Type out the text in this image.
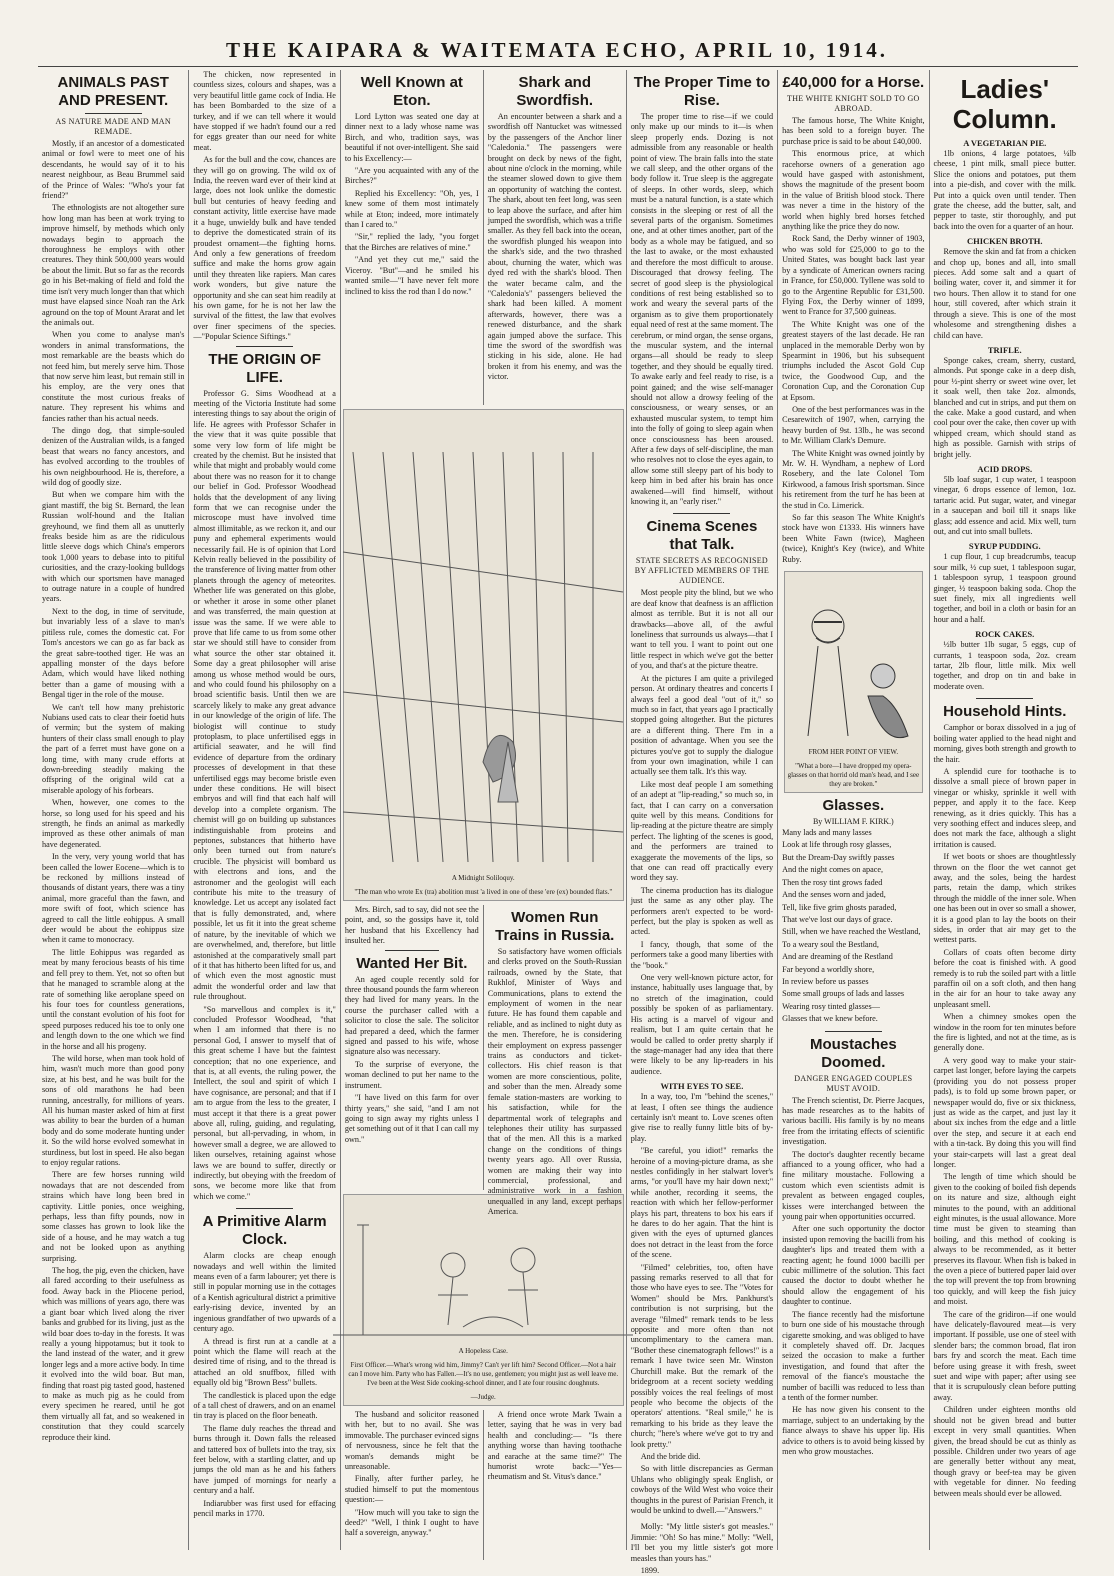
THE KAIPARA & WAITEMATA ECHO, APRIL 10, 1914.
ANIMALS PAST AND PRESENT.
AS NATURE MADE AND MAN REMADE.

Mostly, if an ancestor of a domesticated animal or fowl were to meet one of his descendants, he would say of it to his nearest neighbour, as Beau Brummel said of the Prince of Wales: "Who's your fat friend?"

The ethnologists are not altogether sure how long man has been at work trying to improve himself, by methods which only nowadays begin to approach the thoroughness he employs with other creatures. They think 500,000 years would be about the limit. But so far as the records go in his Bet-making of field and fold the time isn't very much longer than that which must have elapsed since Noah ran the Ark aground on the top of Mount Ararat and let the animals out.

When you come to analyse man's wonders in animal transformations, the most remarkable are the beasts which do not feed him, but merely serve him. Those that now serve him least, but remain still in his employ, are the very ones that constitute the most curious freaks of nature. They represent his whims and fancies rather than his actual needs.

The dingo dog, that simple-souled denizen of the Australian wilds, is a fanged beast that wears no fancy ancestors, and has evolved according to the troubles of his own neighbourhood. He is, therefore, a wild dog of goodly size.

But when we compare him with the giant mastiff, the big St. Bernard, the lean Russian wolf-hound and the Italian greyhound, we find them all as unutterly freaks beside him as are the ridiculous little sleeve dogs which China's emperors took 1,000 years to debase into to pitiful curiosities, and the crazy-looking bulldogs with which our sportsmen have managed to outrage nature in a couple of hundred years.

Next to the dog, in time of servitude, but invariably less of a slave to man's pitiless rule, comes the domestic cat. For Tom's ancestors we can go as far back as the great sabre-toothed tiger. He was an appalling monster of the days before Adam, which would have liked nothing better than a game of mousing with a Bengal tiger in the role of the mouse.

We can't tell how many prehistoric Nubians used cats to clear their foetid huts of vermin; but the system of making hunters of their class small enough to play the part of a ferret must have gone on a long time, with many crude efforts at down-breeding steadily making the offspring of the original wild cat a miserable apology of his forbears.

When, however, one comes to the horse, so long used for his speed and his strength, he finds an animal as markedly improved as these other animals of man have degenerated.

In the very, very young world that has been called the lower Eocene—which is to be reckoned by millions instead of thousands of distant years, there was a tiny animal, more graceful than the fawn, and more swift of foot, which science has agreed to call the little eohippus. A small deer would be about the eohippus size when it came to monocracy.

The little Eohippus was regarded as meat by many ferocious beasts of his time and fell prey to them. Yet, not so often but that he managed to scramble along at the rate of something like aeroplane speed on his four toes for countless generations, until the constant evolution of his foot for speed purposes reduced his toe to only one and length down to the one which we find in the horse and all his progeny.

The wild horse, when man took hold of him, wasn't much more than good pony size, at his best, and he was built for the sons of old marathons he had been running, ancestrally, for millions of years. All his human master asked of him at first was ability to bear the burden of a human body and do some moderate hunting under it. So the wild horse evolved somewhat in sturdiness, but lost in speed. He also began to enjoy regular rations.

There are few horses running wild nowadays that are not descended from strains which have long been bred in captivity. Little ponies, once weighing, perhaps, less than fifty pounds, now in some classes has grown to look like the side of a house, and he may watch a tug and not be looked upon as anything surprising.

The hog, the pig, even the chicken, have all fared according to their usefulness as food. Away back in the Pliocene period, which was millions of years ago, there was a giant boar which lived along the river banks and grubbed for its living, just as the wild boar does to-day in the forests. It was really a young hippotamus; but it took to the land instead of the water, and it grew longer legs and a more active body. In time it evolved into the wild boar. But man, finding that roast pig tasted good, hastened to make as much pig as he could from every specimen he reared, until he got them virtually all fat, and so weakened in constitution that they could scarcely reproduce their kind.

The chicken, now represented in countless sizes, colours and shapes, was a very beautiful little game cock of India. He has been Bombarded to the size of a turkey, and if we can tell where it would have stopped if we hadn't found our a red for eggs greater than our need for white meat.

As for the bull and the cow, chances are they will go on growing. The wild ox of India, the reeven ward ever of their kind at large, does not look unlike the domestic bull but centuries of heavy feeding and constant activity, little exercise have made it a huge, unwieldy bulk and have tended to deprive the domesticated strain of its proudest ornament—the fighting horns. And only a few generations of freedom suffice and make the horns grow again until they threaten like rapiers. Man cares work wonders, but give nature the opportunity and she can seat him readily at his own game, for he is not her law the survival of the fittest, the law that evolves over finer specimens of the species.—"Popular Science Siftings."

THE ORIGIN OF LIFE.

Professor G. Sims Woodhead at a meeting of the Victoria Institute had some interesting things to say about the origin of life. He agrees with Professor Schafer in the view that it was quite possible that some very low form of life might be created by the chemist. But he insisted that while that might and probably would come about there was no reason for it to change our belief in God. Professor Woodhead holds that the development of any living form that we can recognise under the microscope must have involved time almost illimitable, as we reckon it, and our puny and ephemeral experiments would necessarily fail. He is of opinion that Lord Kelvin really believed in the possibility of the transference of living matter from other planets through the agency of meteorites. Whether life was generated on this globe, or whether it arose in some other planet and was transferred, the main question at issue was the same. If we were able to prove that life came to us from some other star we should still have to consider from what source the other star obtained it. Some day a great philosopher will arise among us whose method would be ours, and who could found his philosophy on a broad scientific basis. Until then we are scarcely likely to make any great advance in our knowledge of the origin of life. The biologist will continue to study protoplasm, to place unfertilised eggs in artificial seawater, and he will find evidence of departure from the ordinary processes of development in that these unfertilised eggs may become bristle even under these conditions. He will bisect embryos and will find that each half will develop into a complete organism. The chemist will go on building up substances indistinguishable from proteins and peptones, substances that hitherto have only been turned out from nature's crucible. The physicist will bombard us with electrons and ions, and the astronomer and the geologist will each contribute his mite to the treasury of knowledge. Let us accept any isolated fact that is fully demonstrated, and, where possible, let us fit it into the great scheme of nature, by the inevitable of which we are overwhelmed, and, therefore, but little astonished at the comparatively small part of it that has hitherto been lifted for us, and of which even the most agnostic must admit the wonderful order and law that rule throughout.

"So marvellous and complex is it," concluded Professor Woodhead, "that when I am informed that there is no personal God, I answer to myself that of this great scheme I have but the faintest conception; that no one experience, and that is, at all events, the ruling power, the Intellect, the soul and spirit of which I have cognisance, are personal; and that if I am to argue from the less to the greater, I must accept it that there is a great power above all, ruling, guiding, and regulating, personal, but all-pervading, in whom, in however small a degree, we are allowed to liken ourselves, retaining against whose laws we are bound to suffer, directly or indirectly, but obeying with the freedom of sons, we become more like that from which we come."

A Primitive Alarm Clock.

Alarm clocks are cheap enough nowadays and well within the limited means even of a farm labourer; yet there is still in popular morning use in the cottages of a Kentish agricultural district a primitive early-rising device, invented by an ingenious grandfather of two upwards of a century ago.

A thread is first run at a candle at a point which the flame will reach at the desired time of rising, and to the thread is attached an old snuffbox, filled with equally old big "Brown Bess" bullets.

The candlestick is placed upon the edge of a tall chest of drawers, and on an enamel tin tray is placed on the floor beneath.

The flame duly reaches the thread and burns through it. Down falls the released and tattered box of bullets into the tray, six feet below, with a startling clatter, and up jumps the old man as he and his fathers have jumped of mornings for nearly a century and a half.

Indiarubber was first used for effacing pencil marks in 1770.

Well Known at Eton.

Lord Lytton was seated one day at dinner next to a lady whose name was Birch, and who, tradition says, was beautiful if not over-intelligent. She said to his Excellency:—

"Are you acquainted with any of the Birches?"

Replied his Excellency: "Oh, yes, I knew some of them most intimately while at Eton; indeed, more intimately than I cared to."

"Sir," replied the lady, "you forget that the Birches are relatives of mine."

"And yet they cut me," said the Viceroy. "But"—and he smiled his wanted smile—"I have never felt more inclined to kiss the rod than I do now."

Shark and Swordfish.

An encounter between a shark and a swordfish off Nantucket was witnessed by the passengers of the Anchor liner "Caledonia." The passengers were brought on deck by news of the fight, about nine o'clock in the morning, while the steamer slowed down to give them an opportunity of watching the contest. The shark, about ten feet long, was seen to leap above the surface, and after him jumped the swordfish, which was a trifle smaller. As they fell back into the ocean, the swordfish plunged his weapon into the shark's side, and the two thrashed about, churning the water, which was dyed red with the shark's blood. Then the water became calm, and the "Caledonia's" passengers believed the shark had been killed. A moment afterwards, however, there was a renewed disturbance, and the shark again jumped above the surface. This time the sword of the swordfish was sticking in his side, alone. He had broken it from his enemy, and was the victor.

A Midnight Soliloquy.
"The man who wrote Ex (tra) abolition must 'a lived in one of these 'ere (ex) bounded flats."

Mrs. Birch, sad to say, did not see the point, and, so the gossips have it, told her husband that his Excellency had insulted her.

Wanted Her Bit.

An aged couple recently sold for three thousand pounds the farm whereon they had lived for many years. In the course the purchaser called with a solicitor to close the sale. The solicitor had prepared a deed, which the farmer signed and passed to his wife, whose signature also was necessary.

To the surprise of everyone, the woman declined to put her name to the instrument.

"I have lived on this farm for over thirty years," she said, "and I am not going to sign away my rights unless I get something out of it that I can call my own."

Women Run Trains in Russia.

So satisfactory have women officials and clerks proved on the South-Russian railroads, owned by the State, that Rukhlof, Minister of Ways and Communications, plans to extend the employment of women in the near future. He has found them capable and reliable, and as inclined to night duty as the men. Therefore, he is considering their employment on express passenger trains as conductors and ticket-collectors. His chief reason is that women are more conscientious, polite, and sober than the men. Already some female station-masters are working to his satisfaction, while for the departmental work of telegraphs and telephones their utility has surpassed that of the men. All this is a marked change on the conditions of things twenty years ago. All over Russia, women are making their way into commercial, professional, and administrative work in a fashion unequalled in any land, except perhaps America.

A Hopeless Case.
First Officer.—What's wrong wid him, Jimmy? Can't yer lift him? Second Officer.—Not a hair can I move him. Party who has Fallen.—It's no use, gentlemen; you might just as well leave me. I've been at the West Side cooking-school dinner, and I ate four rousinc doughnuts.
—Judge.

The husband and solicitor reasoned with her, but to no avail. She was immovable. The purchaser evinced signs of nervousness, since he felt that the woman's demands might be unreasonable.

Finally, after further parley, he studied himself to put the momentous question:—

"How much will you take to sign the deed?" "Well, I think I ought to have half a sovereign, anyway."

A friend once wrote Mark Twain a letter, saying that he was in very bad health and concluding:— "Is there anything worse than having toothache and earache at the same time?" The humorist wrote back:—"Yes—rheumatism and St. Vitus's dance."

The Proper Time to Rise.

The proper time to rise—if we could only make up our minds to it—is when sleep properly ends. Dozing is not admissible from any reasonable or health point of view. The brain falls into the state we call sleep, and the other organs of the body follow it. True sleep is the aggregate of sleeps. In other words, sleep, which must be a natural function, is a state which consists in the sleeping or rest of all the several parts of the organism. Sometimes one, and at other times another, part of the body as a whole may be fatigued, and so the last to awake, or the most exhausted and therefore the most difficult to arouse. Discouraged that drowsy feeling. The secret of good sleep is the physiological conditions of rest being established so to work and weary the several parts of the organism as to give them proportionately equal need of rest at the same moment. The cerebrum, or mind organ, the sense organs, the muscular system, and the internal organs—all should be ready to sleep together, and they should be equally tired. To awake early and feel ready to rise, is a point gained; and the wise self-manager should not allow a drowsy feeling of the consciousness, or weary senses, or an exhausted muscular system, to tempt him into the folly of going to sleep again when once consciousness has been aroused. After a few days of self-discipline, the man who resolves not to close the eyes again, to allow some still sleepy part of his body to keep him in bed after his brain has once awakened—will find himself, without knowing it, an "early riser."

Cinema Scenes that Talk.
STATE SECRETS AS RECOGNISED BY AFFLICTED MEMBERS OF THE AUDIENCE.

Most people pity the blind, but we who are deaf know that deafness is an affliction almost as terrible. But it is not all our drawbacks—above all, of the awful loneliness that surrounds us always—that I want to tell you. I want to point out one little respect in which we've got the better of you, and that's at the picture theatre.

At the pictures I am quite a privileged person. At ordinary theatres and concerts I always feel a good deal "out of it," so much so in fact, that years ago I practically stopped going altogether. But the pictures are a different thing. There I'm in a position of advantage. When you see the pictures you've got to supply the dialogue from your own imagination, while I can actually see them talk. It's this way.

Like most deaf people I am something of an adept at "lip-reading," so much so, in fact, that I can carry on a conversation quite well by this means. Conditions for lip-reading at the picture theatre are simply perfect. The lighting of the scenes is good, and the performers are trained to exaggerate the movements of the lips, so that one can read off practically every word they say.

The cinema production has its dialogue just the same as any other play. The performers aren't expected to be word-perfect, but the play is spoken as well as acted.

I fancy, though, that some of the performers take a good many liberties with the "book."

One very well-known picture actor, for instance, habitually uses language that, by no stretch of the imagination, could possibly be spoken of as parliamentary. His acting is a marvel of vigour and realism, but I am quite certain that he would be called to order pretty sharply if the stage-manager had any idea that there were likely to be any lip-readers in his audience.

WITH EYES TO SEE.

In a way, too, I'm "behind the scenes," at least, I often see things the audience certainly isn't meant to. Love scenes often give rise to really funny little bits of by-play.

"Be careful, you idiot!" remarks the heroine of a moving-picture drama, as she nestles confidingly in her stalwart lover's arms, "or you'll have my hair down next;" while another, recording it seems, the reaction with which her fellow-performer plays his part, threatens to box his ears if he dares to do her again. That the hint is given with the eyes of upturned glances does not detract in the least from the force of the scene.

"Filmed" celebrities, too, often have passing remarks reserved to all that for those who have eyes to see. The "Votes for Women" should be Mrs. Pankhurst's contribution is not surprising, but the average "filmed" remark tends to be less opposite and more often than not uncomplimentary to the camera man. "Bother these cinematograph fellows!" is a remark I have twice seen Mr. Winston Churchill make. But the remark of the bridegroom at a recent society wedding possibly voices the real feelings of most people who become the objects of the operators' attentions. "Real smile," he is remarking to his bride as they leave the church; "here's where we've got to try and look pretty."

And the bride did.

So with little discrepancies as German Uhlans who obligingly speak English, or cowboys of the Wild West who voice their thoughts in the purest of Parisian French, it would be unkind to dwell.—"Answers."

Molly: "My little sister's got measles." Jimmie: "Oh! So has mine." Molly: "Well, I'll bet you my little sister's got more measles than yours has."

1899.

£40,000 for a Horse.
THE WHITE KNIGHT SOLD TO GO ABROAD.

The famous horse, The White Knight, has been sold to a foreign buyer. The purchase price is said to be about £40,000.

This enormous price, at which racehorse owners of a generation ago would have gasped with astonishment, shows the magnitude of the present boom in the value of British blood stock. There was never a time in the history of the world when highly bred horses fetched anything like the price they do now.

Rock Sand, the Derby winner of 1903, who was sold for £25,000 to go to the United States, was bought back last year by a syndicate of American owners racing in France, for £50,000. Tyllene was sold to go to the Argentine Republic for £31,500. Flying Fox, the Derby winner of 1899, went to France for 37,500 guineas.

The White Knight was one of the greatest stayers of the last decade. He ran unplaced in the memorable Derby won by Spearmint in 1906, but his subsequent triumphs included the Ascot Gold Cup twice, the Goodwood Cup, and the Coronation Cup, and the Coronation Cup at Epsom.

One of the best performances was in the Cesarewitch of 1907, when, carrying the heavy burden of 9st. 13lb., he was second to Mr. William Clark's Demure.

The White Knight was owned jointly by Mr. W. H. Wyndham, a nephew of Lord Rosebery, and the late Colonel Tom Kirkwood, a famous Irish sportsman. Since his retirement from the turf he has been at the stud in Co. Limerick.

So far this season The White Knight's stock have won £1333. His winners have been White Fawn (twice), Magheen (twice), Knight's Key (twice), and White Ruby.

FROM HER POINT OF VIEW.
"What a bore—I have dropped my opera-glasses on that horrid old man's head, and I see they are broken."
Glasses.
By WILLIAM F. KIRK.)

Many lads and many lasses

Look at life through rosy glasses,

But the Dream-Day swiftly passes

And the night comes on apace,

Then the rosy tint grows faded

And the senses worn and jaded,

Tell, like five grim ghosts paraded,

That we've lost our days of grace.

Still, when we have reached the Westland,

To a weary soul the Bestland,

And are dreaming of the Restland

Far beyond a worldly shore,

In review before us passes

Some small groups of lads and lasses

Wearing rosy tinted glasses—

Glasses that we knew before.

Moustaches Doomed.
DANGER ENGAGED COUPLES MUST AVOID.

The French scientist, Dr. Pierre Jacques, has made researches as to the habits of various bacilli. His family is by no means free from the irritating effects of scientific investigation.

The doctor's daughter recently became affianced to a young officer, who had a fine military moustache. Following a custom which even scientists admit is prevalent as between engaged couples, kisses were interchanged between the young pair when opportunities occurred.

After one such opportunity the doctor insisted upon removing the bacilli from his daughter's lips and treated them with a reacting agent; he found 1000 bacilli per cubic millimetre of the solution. This fact caused the doctor to doubt whether he should allow the engagement of his daughter to continue.

The fiance recently had the misfortune to burn one side of his moustache through cigarette smoking, and was obliged to have it completely shaved off. Dr. Jacques seized the occasion to make a further investigation, and found that after the removal of the fiance's moustache the number of bacilli was reduced to less than a tenth of the former number.

He has now given his consent to the marriage, subject to an undertaking by the fiance always to shave his upper lip. His advice to others is to avoid being kissed by men who grow moustaches.

Ladies' Column.
A VEGETARIAN PIE.

1lb onions, 4 large potatoes, ¼lb cheese, 1 pint milk, small piece butter. Slice the onions and potatoes, put them into a pie-dish, and cover with the milk. Put into a quick oven until tender. Then grate the cheese, add the butter, salt, and pepper to taste, stir thoroughly, and put back into the oven for a quarter of an hour.

CHICKEN BROTH.

Remove the skin and fat from a chicken and chop up, bones and all, into small pieces. Add some salt and a quart of boiling water, cover it, and simmer it for two hours. Then allow it to stand for one hour, still covered, after which strain it through a sieve. This is one of the most wholesome and strengthening dishes a child can have.

TRIFLE.

Sponge cakes, cream, sherry, custard, almonds. Put sponge cake in a deep dish, pour ½-pint sherry or sweet wine over, let it soak well, then take 2oz. almonds, blanched and cut in strips, and put them on the cake. Make a good custard, and when cool pour over the cake, then cover up with whipped cream, which should stand as high as possible. Garnish with strips of bright jelly.

ACID DROPS.

5lb loaf sugar, 1 cup water, 1 teaspoon vinegar, 6 drops essence of lemon, 1oz. tartaric acid. Put sugar, water, and vinegar in a saucepan and boil till it snaps like glass; add essence and acid. Mix well, turn out, and cut into small bullets.

SYRUP PUDDING.

1 cup flour, 1 cup breadcrumbs, teacup sour milk, ½ cup suet, 1 tablespoon sugar, 1 tablespoon syrup, 1 teaspoon ground ginger, ½ teaspoon baking soda. Chop the suet finely, mix all ingredients well together, and boil in a cloth or basin for an hour and a half.

ROCK CAKES.

½lb butter 1lb sugar, 5 eggs, cup of currants, 1 teaspoon soda, 2oz. cream tartar, 2lb flour, little milk. Mix well together, and drop on tin and bake in moderate oven.

Household Hints.

Camphor or borax dissolved in a jug of boiling water applied to the head night and morning, gives both strength and growth to the hair.

A splendid cure for toothache is to dissolve a small piece of brown paper in vinegar or whisky, sprinkle it well with pepper, and apply it to the face. Keep renewing, as it dries quickly. This has a very soothing effect and induces sleep, and does not mark the face, although a slight irritation is caused.

If wet boots or shoes are thoughtlessly thrown on the floor the wet cannot get away, and the soles, being the hardest parts, retain the damp, which strikes through the middle of the inner sole. When one has been out in over so small a shower, it is a good plan to lay the boots on their sides, in order that air may get to the wettest parts.

Collars of coats often become dirty before the coat is finished with. A good remedy is to rub the soiled part with a little paraffin oil on a soft cloth, and then hang in the air for an hour to take away any unpleasant smell.

When a chimney smokes open the window in the room for ten minutes before the fire is lighted, and not at the time, as is generally done.

A very good way to make your stair-carpet last longer, before laying the carpets (providing you do not possess proper pads), is to fold up some brown paper, or newspaper would do, five or six thickness, just as wide as the carpet, and just lay it about six inches from the edge and a little over the step, and secure it at each end with a tin-tack. By doing this you will find your stair-carpets will last a great deal longer.

The length of time which should be given to the cooking of boiled fish depends on its nature and size, although eight minutes to the pound, with an additional eight minutes, is the usual allowance. More time must be given to steaming than boiling, and this method of cooking is always to be recommended, as it better preserves its flavour. When fish is baked in the oven a piece of buttered paper laid over the top will prevent the top from browning too quickly, and will keep the fish juicy and moist.

The care of the gridiron—if one would have delicately-flavoured meat—is very important. If possible, use one of steel with slender bars; the common broad, flat iron bars fry and scorch the meat. Each time before using grease it with fresh, sweet suet and wipe with paper; after using see that it is scrupulously clean before putting away.

Children under eighteen months old should not be given bread and butter except in very small quantities. When given, the bread should be cut as thinly as possible. Children under two years of age are generally better without any meat, though gravy or beef-tea may be given with vegetable for dinner. No feeding between meals should ever be allowed.
